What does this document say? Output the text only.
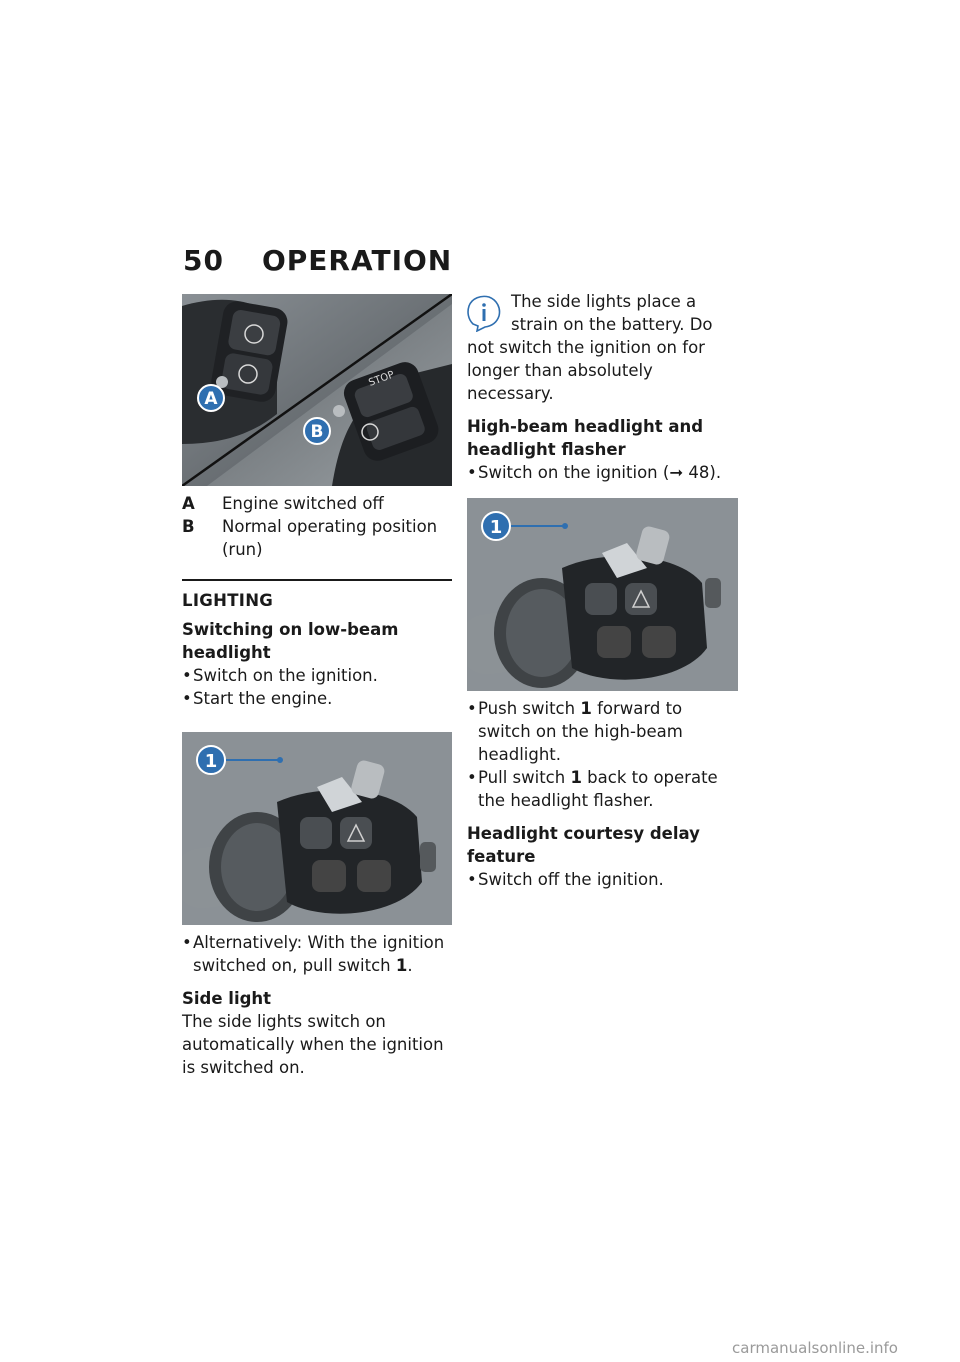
50 OPERATION
STOP
A
B
A	Engine switched off
B	Normal operating position (run)
LIGHTING
Switching on low-beam headlight
• Switch on the ignition.
• Start the engine.
1
• Alternatively: With the ignition switched on, pull switch 1.
Side light

The side lights switch on automatically when the ignition is switched on.

The side lights place a

strain on the battery. Do

not switch the ignition on for longer than absolutely necessary.

High-beam headlight and headlight flasher
• Switch on the ignition (➞ 48).
1
• Push switch 1 forward to switch on the high-beam headlight.
• Pull switch 1 back to operate the headlight flasher.
Headlight courtesy delay feature
• Switch off the ignition.
carmanualsonline.info
